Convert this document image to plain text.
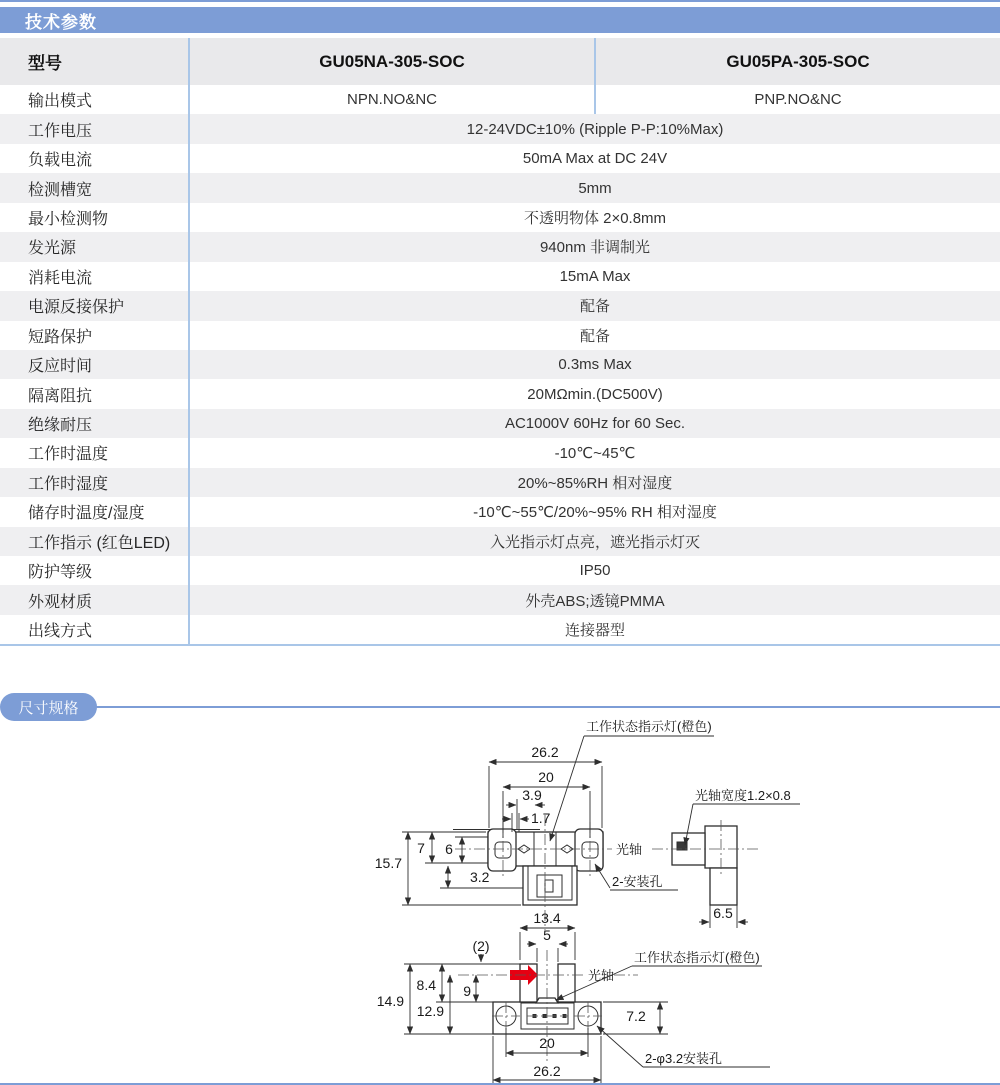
技术参数
型号	GU05NA-305-SOC	GU05PA-305-SOC
输出模式	NPN.NO&NC	PNP.NO&NC
工作电压	12-24VDC±10% (Ripple P-P:10%Max)
负载电流	50mA Max at DC 24V
检测槽宽	5mm
最小检测物	不透明物体 2×0.8mm
发光源	940nm 非调制光
消耗电流	15mA Max
电源反接保护	配备
短路保护	配备
反应时间	0.3ms Max
隔离阻抗	20MΩmin.(DC500V)
绝缘耐压	AC1000V 60Hz for 60 Sec.
工作时温度	-10℃~45℃
工作时湿度	20%~85%RH 相对湿度
储存时温度/湿度	-10℃~55℃/20%~95% RH 相对湿度
工作指示 (红色LED)	入光指示灯点亮，遮光指示灯灭
防护等级	IP50
外观材质	外壳ABS;透镜PMMA
出线方式	连接器型
尺寸规格
光轴
26.2
20
3.9
1.7
15.7
7 6
3.2
工作状态指示灯(橙色)
2-安装孔
光轴宽度1.2×0.8
6.5
光轴
(2)
13.4
5
14.9
8.4
12.9
9
7.2
20
26.2
工作状态指示灯(橙色)
2-φ3.2安装孔
